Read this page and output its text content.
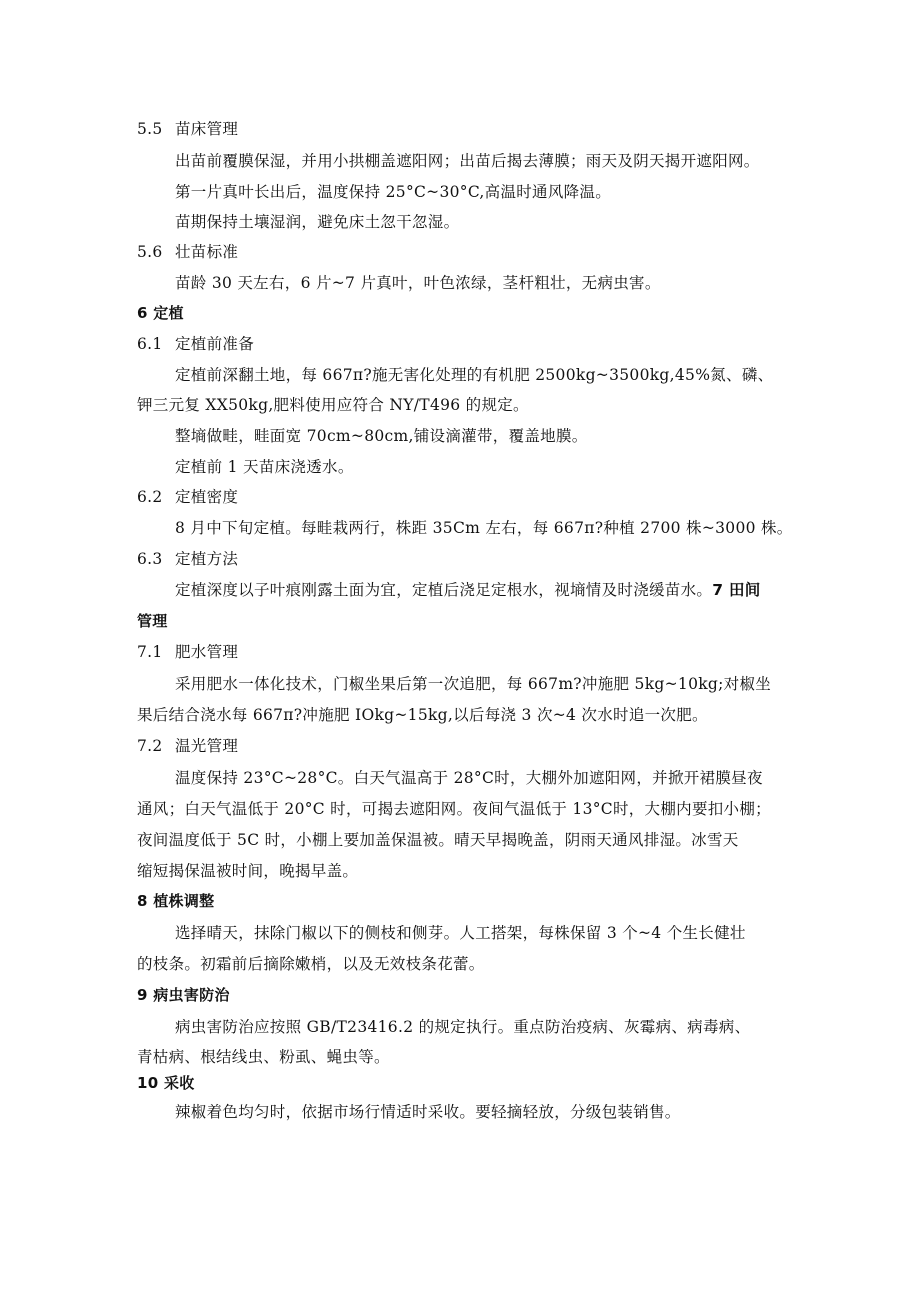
5.5 苗床管理
出苗前覆膜保湿，并用小拱棚盖遮阳网；出苗后揭去薄膜；雨天及阴天揭开遮阳网。
第一片真叶长出后，温度保持 25°C~30°C,高温时通风降温。
苗期保持土壤湿润，避免床土忽干忽湿。
5.6 壮苗标准
苗龄 30 天左右，6 片~7 片真叶，叶色浓绿，茎杆粗壮，无病虫害。
6 定植
6.1 定植前准备
定植前深翻土地，每 667π?施无害化处理的有机肥 2500kg~3500kg,45%氮、磷、
钾三元复 XX50kg,肥料使用应符合 NY/T496 的规定。
整墒做畦，畦面宽 70cm~80cm,铺设滴灌带，覆盖地膜。
定植前 1 天苗床浇透水。
6.2 定植密度
8 月中下旬定植。每畦栽两行，株距 35Cm 左右，每 667π?种植 2700 株~3000 株。
6.3 定植方法
定植深度以子叶痕刚露土面为宜，定植后浇足定根水，视墒情及时浇缓苗水。7 田间
管理
7.1 肥水管理
采用肥水一体化技术，门椒坐果后第一次追肥，每 667m?冲施肥 5kg~10kg;对椒坐
果后结合浇水每 667π?冲施肥 IOkg~15kg,以后每浇 3 次~4 次水时追一次肥。
7.2 温光管理
温度保持 23°C~28°C。白天气温高于 28°C时，大棚外加遮阳网，并掀开裙膜昼夜
通风；白天气温低于 20°C 时，可揭去遮阳网。夜间气温低于 13°C时，大棚内要扣小棚；
夜间温度低于 5C 时，小棚上要加盖保温被。晴天早揭晚盖，阴雨天通风排湿。冰雪天
缩短揭保温被时间，晚揭早盖。
8 植株调整
选择晴天，抹除门椒以下的侧枝和侧芽。人工搭架，每株保留 3 个~4 个生长健壮
的枝条。初霜前后摘除嫩梢，以及无效枝条花蕾。
9 病虫害防治
病虫害防治应按照 GB/T23416.2 的规定执行。重点防治疫病、灰霉病、病毒病、
青枯病、根结线虫、粉虱、蝇虫等。
10 采收
辣椒着色均匀时，依据市场行情适时采收。要轻摘轻放，分级包装销售。
